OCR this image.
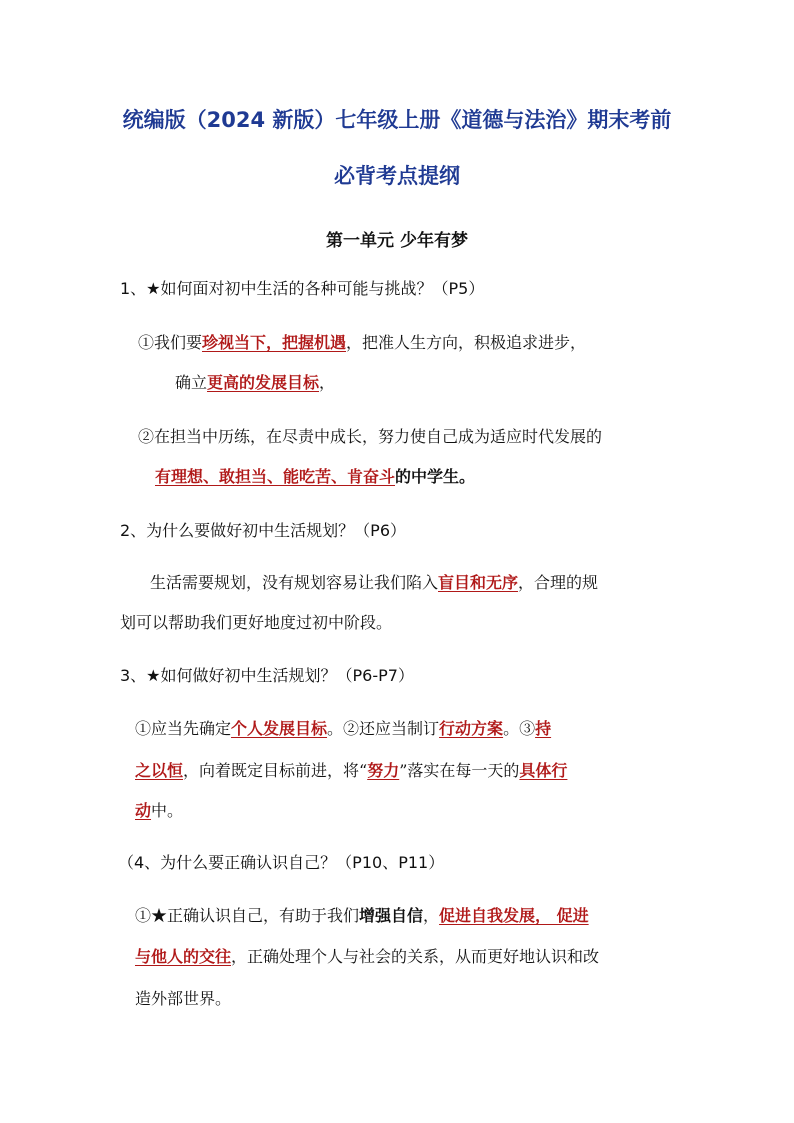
统编版（2024 新版）七年级上册《道德与法治》期末考前
必背考点提纲
第一单元 少年有梦
1、★如何面对初中生活的各种可能与挑战？（P5）
①我们要珍视当下，把握机遇，把准人生方向，积极追求进步，
确立更高的发展目标，
②在担当中历练，在尽责中成长，努力使自己成为适应时代发展的
有理想、敢担当、能吃苦、肯奋斗的中学生。
2、为什么要做好初中生活规划？（P6）
生活需要规划，没有规划容易让我们陷入盲目和无序，合理的规
划可以帮助我们更好地度过初中阶段。
3、★如何做好初中生活规划？（P6-P7）
①应当先确定个人发展目标。②还应当制订行动方案。③持
之以恒，向着既定目标前进，将“努力”落实在每一天的具体行
动中。
（4、为什么要正确认识自己？（P10、P11）
①★正确认识自己，有助于我们增强自信，促进自我发展， 促进
与他人的交往，正确处理个人与社会的关系，从而更好地认识和改
造外部世界。
